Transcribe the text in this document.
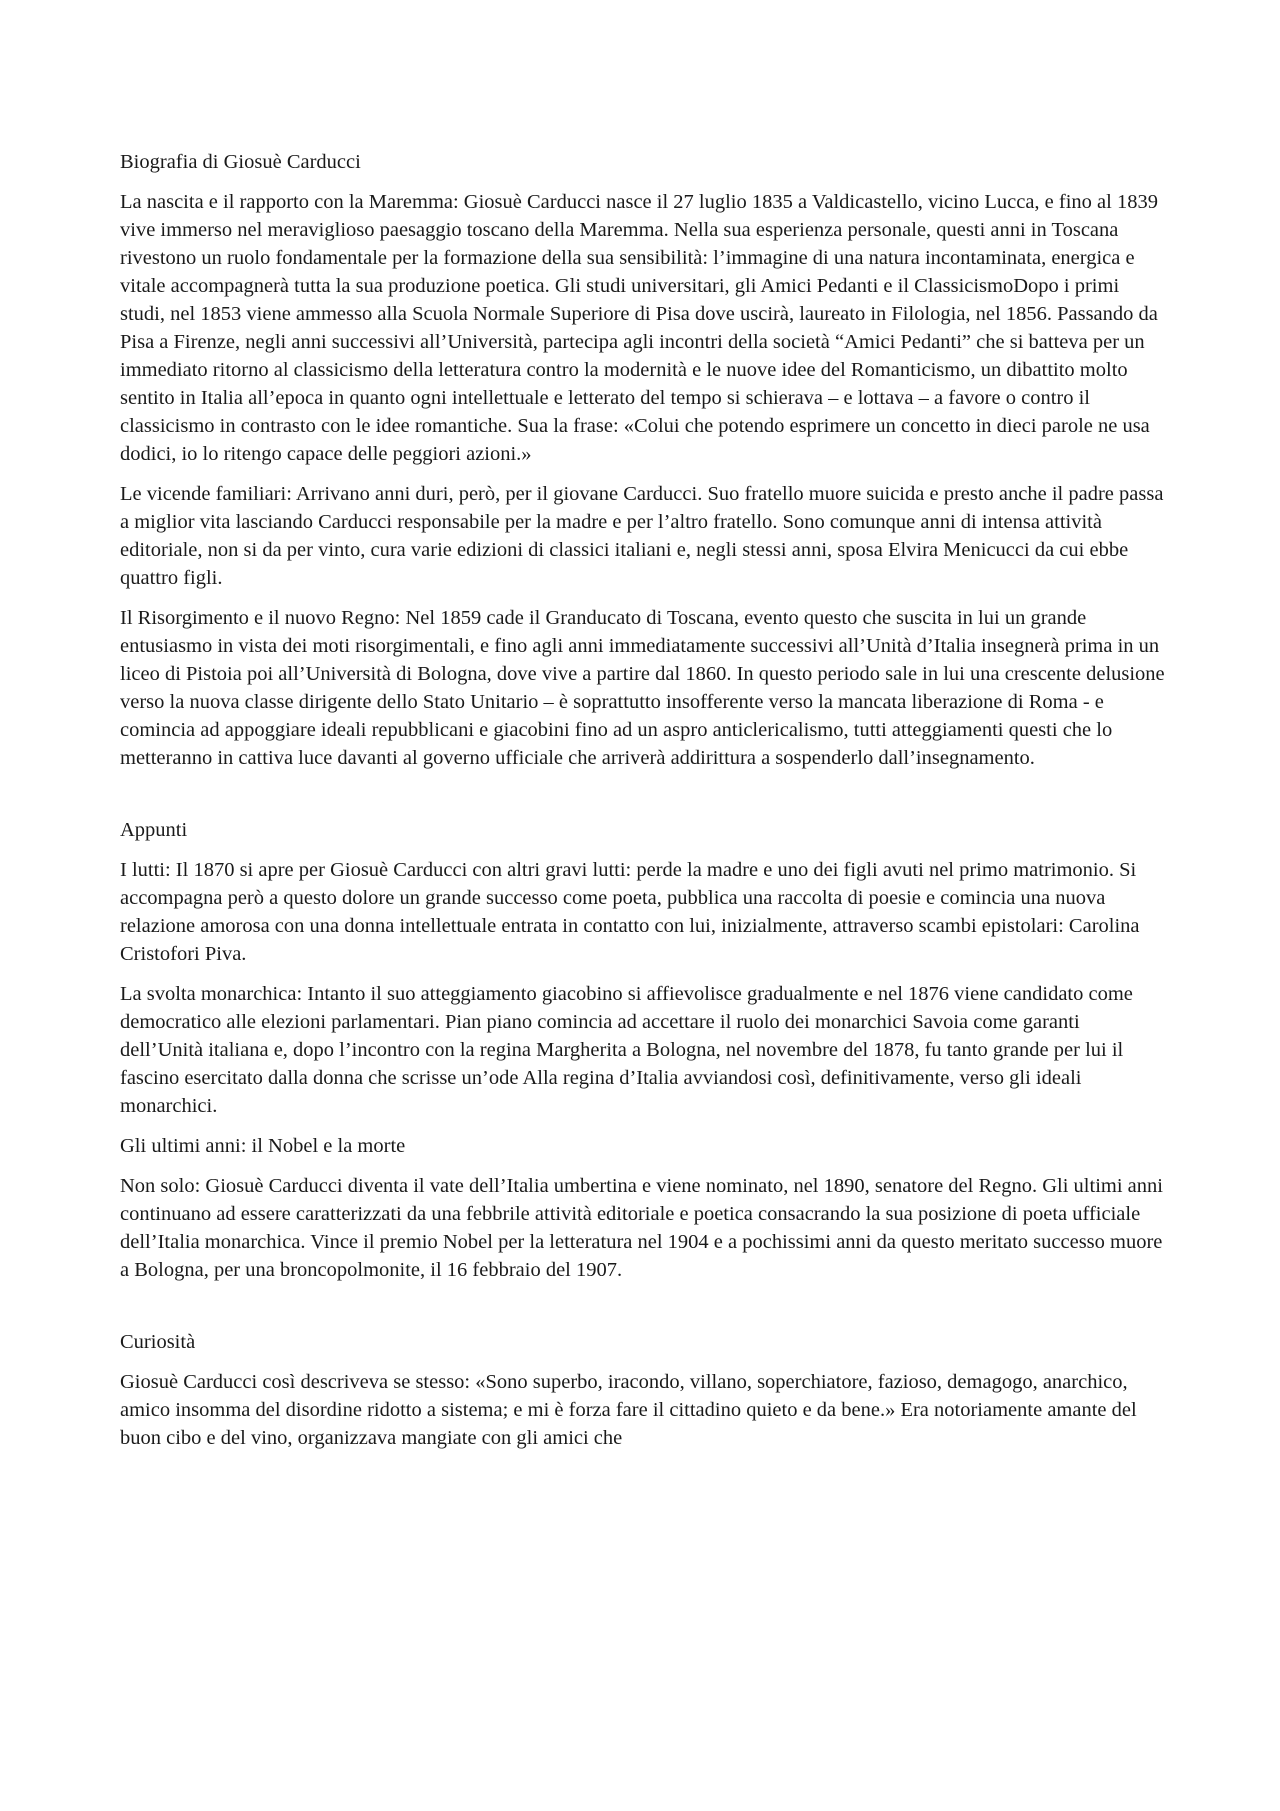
Biografia di Giosuè Carducci

La nascita e il rapporto con la Maremma: Giosuè Carducci nasce il 27 luglio 1835 a Valdicastello, vicino Lucca, e fino al 1839 vive immerso nel meraviglioso paesaggio toscano della Maremma. Nella sua esperienza personale, questi anni in Toscana rivestono un ruolo fondamentale per la formazione della sua sensibilità: l’immagine di una natura incontaminata, energica e vitale accompagnerà tutta la sua produzione poetica. Gli studi universitari, gli Amici Pedanti e il ClassicismoDopo i primi studi, nel 1853 viene ammesso alla Scuola Normale Superiore di Pisa dove uscirà, laureato in Filologia, nel 1856. Passando da Pisa a Firenze, negli anni successivi all’Università, partecipa agli incontri della società “Amici Pedanti” che si batteva per un immediato ritorno al classicismo della letteratura contro la modernità e le nuove idee del Romanticismo, un dibattito molto sentito in Italia all’epoca in quanto ogni intellettuale e letterato del tempo si schierava – e lottava – a favore o contro il classicismo in contrasto con le idee romantiche. Sua la frase: «Colui che potendo esprimere un concetto in dieci parole ne usa dodici, io lo ritengo capace delle peggiori azioni.»

Le vicende familiari: Arrivano anni duri, però, per il giovane Carducci. Suo fratello muore suicida e presto anche il padre passa a miglior vita lasciando Carducci responsabile per la madre e per l’altro fratello. Sono comunque anni di intensa attività editoriale, non si da per vinto, cura varie edizioni di classici italiani e, negli stessi anni, sposa Elvira Menicucci da cui ebbe quattro figli.

Il Risorgimento e il nuovo Regno: Nel 1859 cade il Granducato di Toscana, evento questo che suscita in lui un grande entusiasmo in vista dei moti risorgimentali, e fino agli anni immediatamente successivi all’Unità d’Italia insegnerà prima in un liceo di Pistoia poi all’Università di Bologna, dove vive a partire dal 1860. In questo periodo sale in lui una crescente delusione verso la nuova classe dirigente dello Stato Unitario – è soprattutto insofferente verso la mancata liberazione di Roma - e comincia ad appoggiare ideali repubblicani e giacobini fino ad un aspro anticlericalismo, tutti atteggiamenti questi che lo metteranno in cattiva luce davanti al governo ufficiale che arriverà addirittura a sospenderlo dall’insegnamento.

Appunti

I lutti: Il 1870 si apre per Giosuè Carducci con altri gravi lutti: perde la madre e uno dei figli avuti nel primo matrimonio. Si accompagna però a questo dolore un grande successo come poeta, pubblica una raccolta di poesie e comincia una nuova relazione amorosa con una donna intellettuale entrata in contatto con lui, inizialmente, attraverso scambi epistolari: Carolina Cristofori Piva.

La svolta monarchica: Intanto il suo atteggiamento giacobino si affievolisce gradualmente e nel 1876 viene candidato come democratico alle elezioni parlamentari. Pian piano comincia ad accettare il ruolo dei monarchici Savoia come garanti dell’Unità italiana e, dopo l’incontro con la regina Margherita a Bologna, nel novembre del 1878, fu tanto grande per lui il fascino esercitato dalla donna che scrisse un’ode Alla regina d’Italia avviandosi così, definitivamente, verso gli ideali monarchici.

Gli ultimi anni: il Nobel e la morte

Non solo: Giosuè Carducci diventa il vate dell’Italia umbertina e viene nominato, nel 1890, senatore del Regno. Gli ultimi anni continuano ad essere caratterizzati da una febbrile attività editoriale e poetica consacrando la sua posizione di poeta ufficiale dell’Italia monarchica. Vince il premio Nobel per la letteratura nel 1904 e a pochissimi anni da questo meritato successo muore a Bologna, per una broncopolmonite, il 16 febbraio del 1907.

Curiosità

Giosuè Carducci così descriveva se stesso: «Sono superbo, iracondo, villano, soperchiatore, fazioso, demagogo, anarchico, amico insomma del disordine ridotto a sistema; e mi è forza fare il cittadino quieto e da bene.» Era notoriamente amante del buon cibo e del vino, organizzava mangiate con gli amici che
